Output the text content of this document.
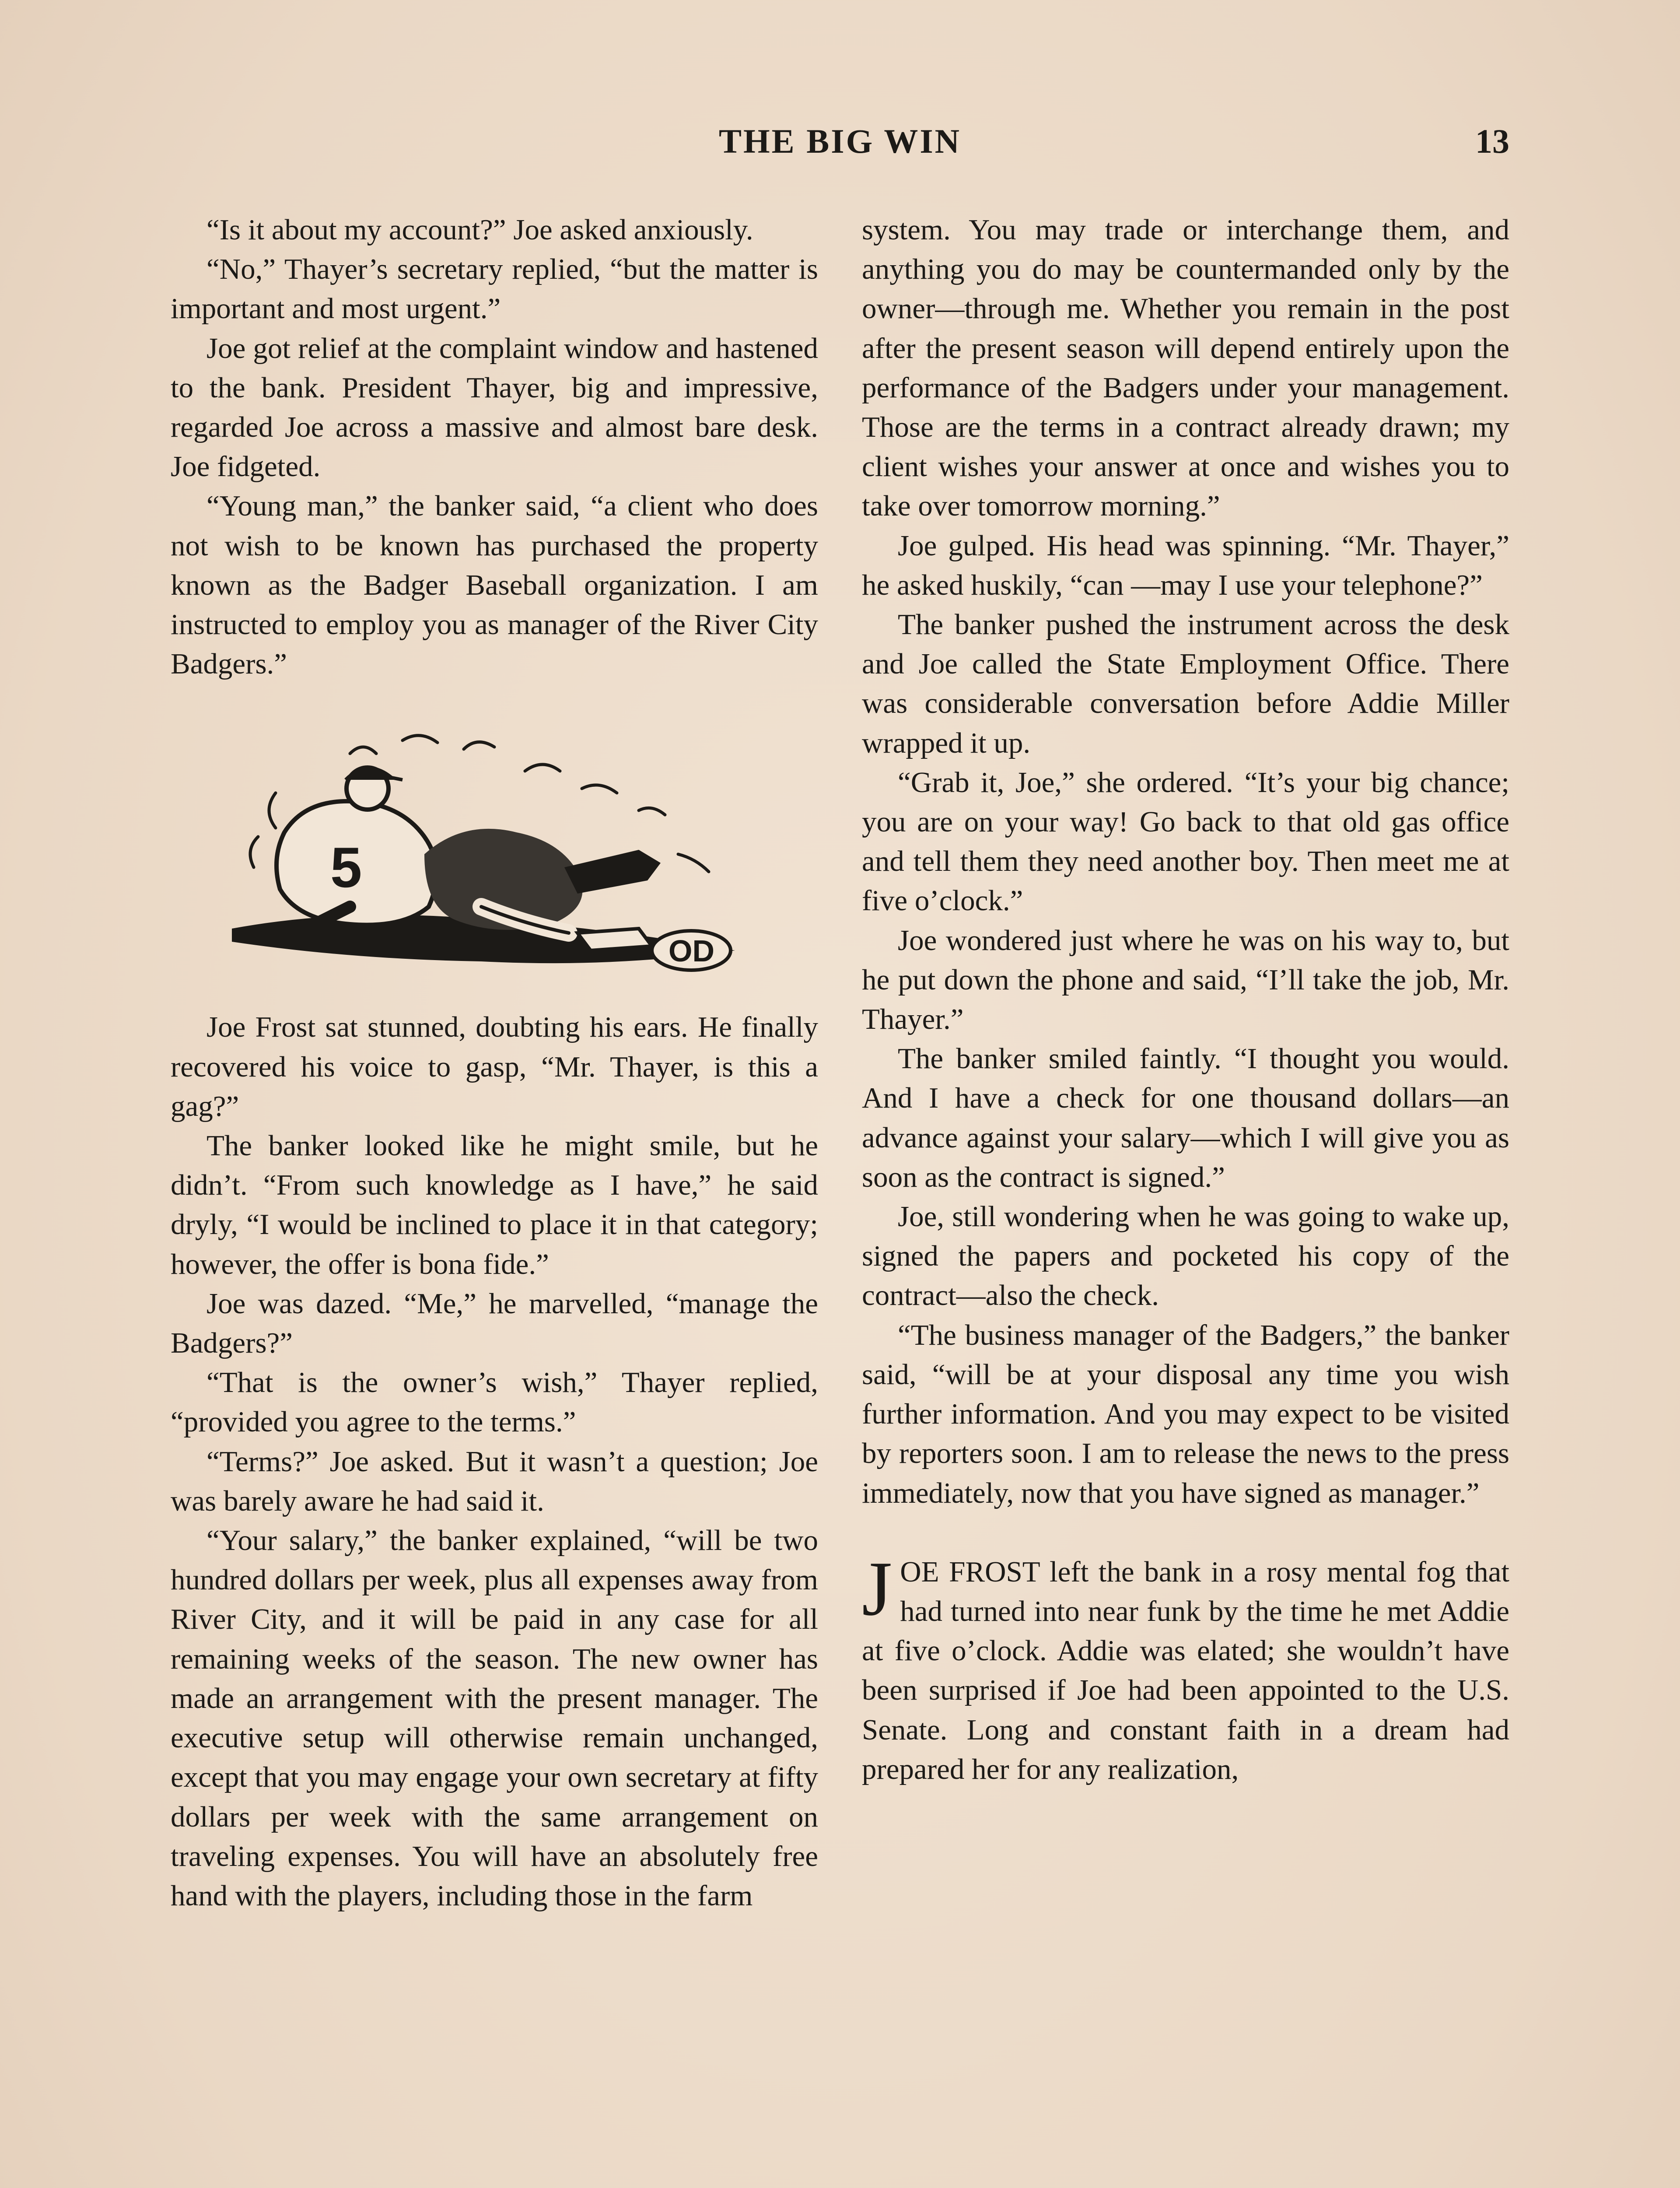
THE BIG WIN	13

“Is it about my account?” Joe asked anxiously.

“No,” Thayer’s secretary replied, “but the matter is important and most urgent.”

Joe got relief at the complaint window and hastened to the bank. President Thayer, big and impressive, regarded Joe across a massive and almost bare desk. Joe fidgeted.

“Young man,” the banker said, “a client who does not wish to be known has purchased the property known as the Badger Baseball organization. I am instructed to employ you as manager of the River City Badgers.”

5
OD

Joe Frost sat stunned, doubting his ears. He finally recovered his voice to gasp, “Mr. Thayer, is this a gag?”

The banker looked like he might smile, but he didn’t. “From such knowledge as I have,” he said dryly, “I would be inclined to place it in that category; however, the offer is bona fide.”

Joe was dazed. “Me,” he marvelled, “manage the Badgers?”

“That is the owner’s wish,” Thayer replied, “provided you agree to the terms.”

“Terms?” Joe asked. But it wasn’t a question; Joe was barely aware he had said it.

“Your salary,” the banker explained, “will be two hundred dollars per week, plus all expenses away from River City, and it will be paid in any case for all remaining weeks of the season. The new owner has made an arrangement with the present manager. The executive setup will otherwise remain unchanged, except that you may engage your own secretary at fifty dollars per week with the same arrangement on traveling expenses. You will have an absolutely free hand with the players, including those in the farm

system. You may trade or interchange them, and anything you do may be countermanded only by the owner—through me. Whether you remain in the post after the present season will depend entirely upon the performance of the Badgers under your management. Those are the terms in a contract already drawn; my client wishes your answer at once and wishes you to take over tomorrow morning.”

Joe gulped. His head was spinning. “Mr. Thayer,” he asked huskily, “can —may I use your telephone?”

The banker pushed the instrument across the desk and Joe called the State Employment Office. There was considerable conversation before Addie Miller wrapped it up.

“Grab it, Joe,” she ordered. “It’s your big chance; you are on your way! Go back to that old gas office and tell them they need another boy. Then meet me at five o’clock.”

Joe wondered just where he was on his way to, but he put down the phone and said, “I’ll take the job, Mr. Thayer.”

The banker smiled faintly. “I thought you would. And I have a check for one thousand dollars—an advance against your salary—which I will give you as soon as the contract is signed.”

Joe, still wondering when he was going to wake up, signed the papers and pocketed his copy of the contract—also the check.

“The business manager of the Badgers,” the banker said, “will be at your disposal any time you wish further information. And you may expect to be visited by reporters soon. I am to release the news to the press immediately, now that you have signed as manager.”

JOE FROST left the bank in a rosy mental fog that had turned into near funk by the time he met Addie at five o’clock. Addie was elated; she wouldn’t have been surprised if Joe had been appointed to the U.S. Senate. Long and constant faith in a dream had prepared her for any realization,
